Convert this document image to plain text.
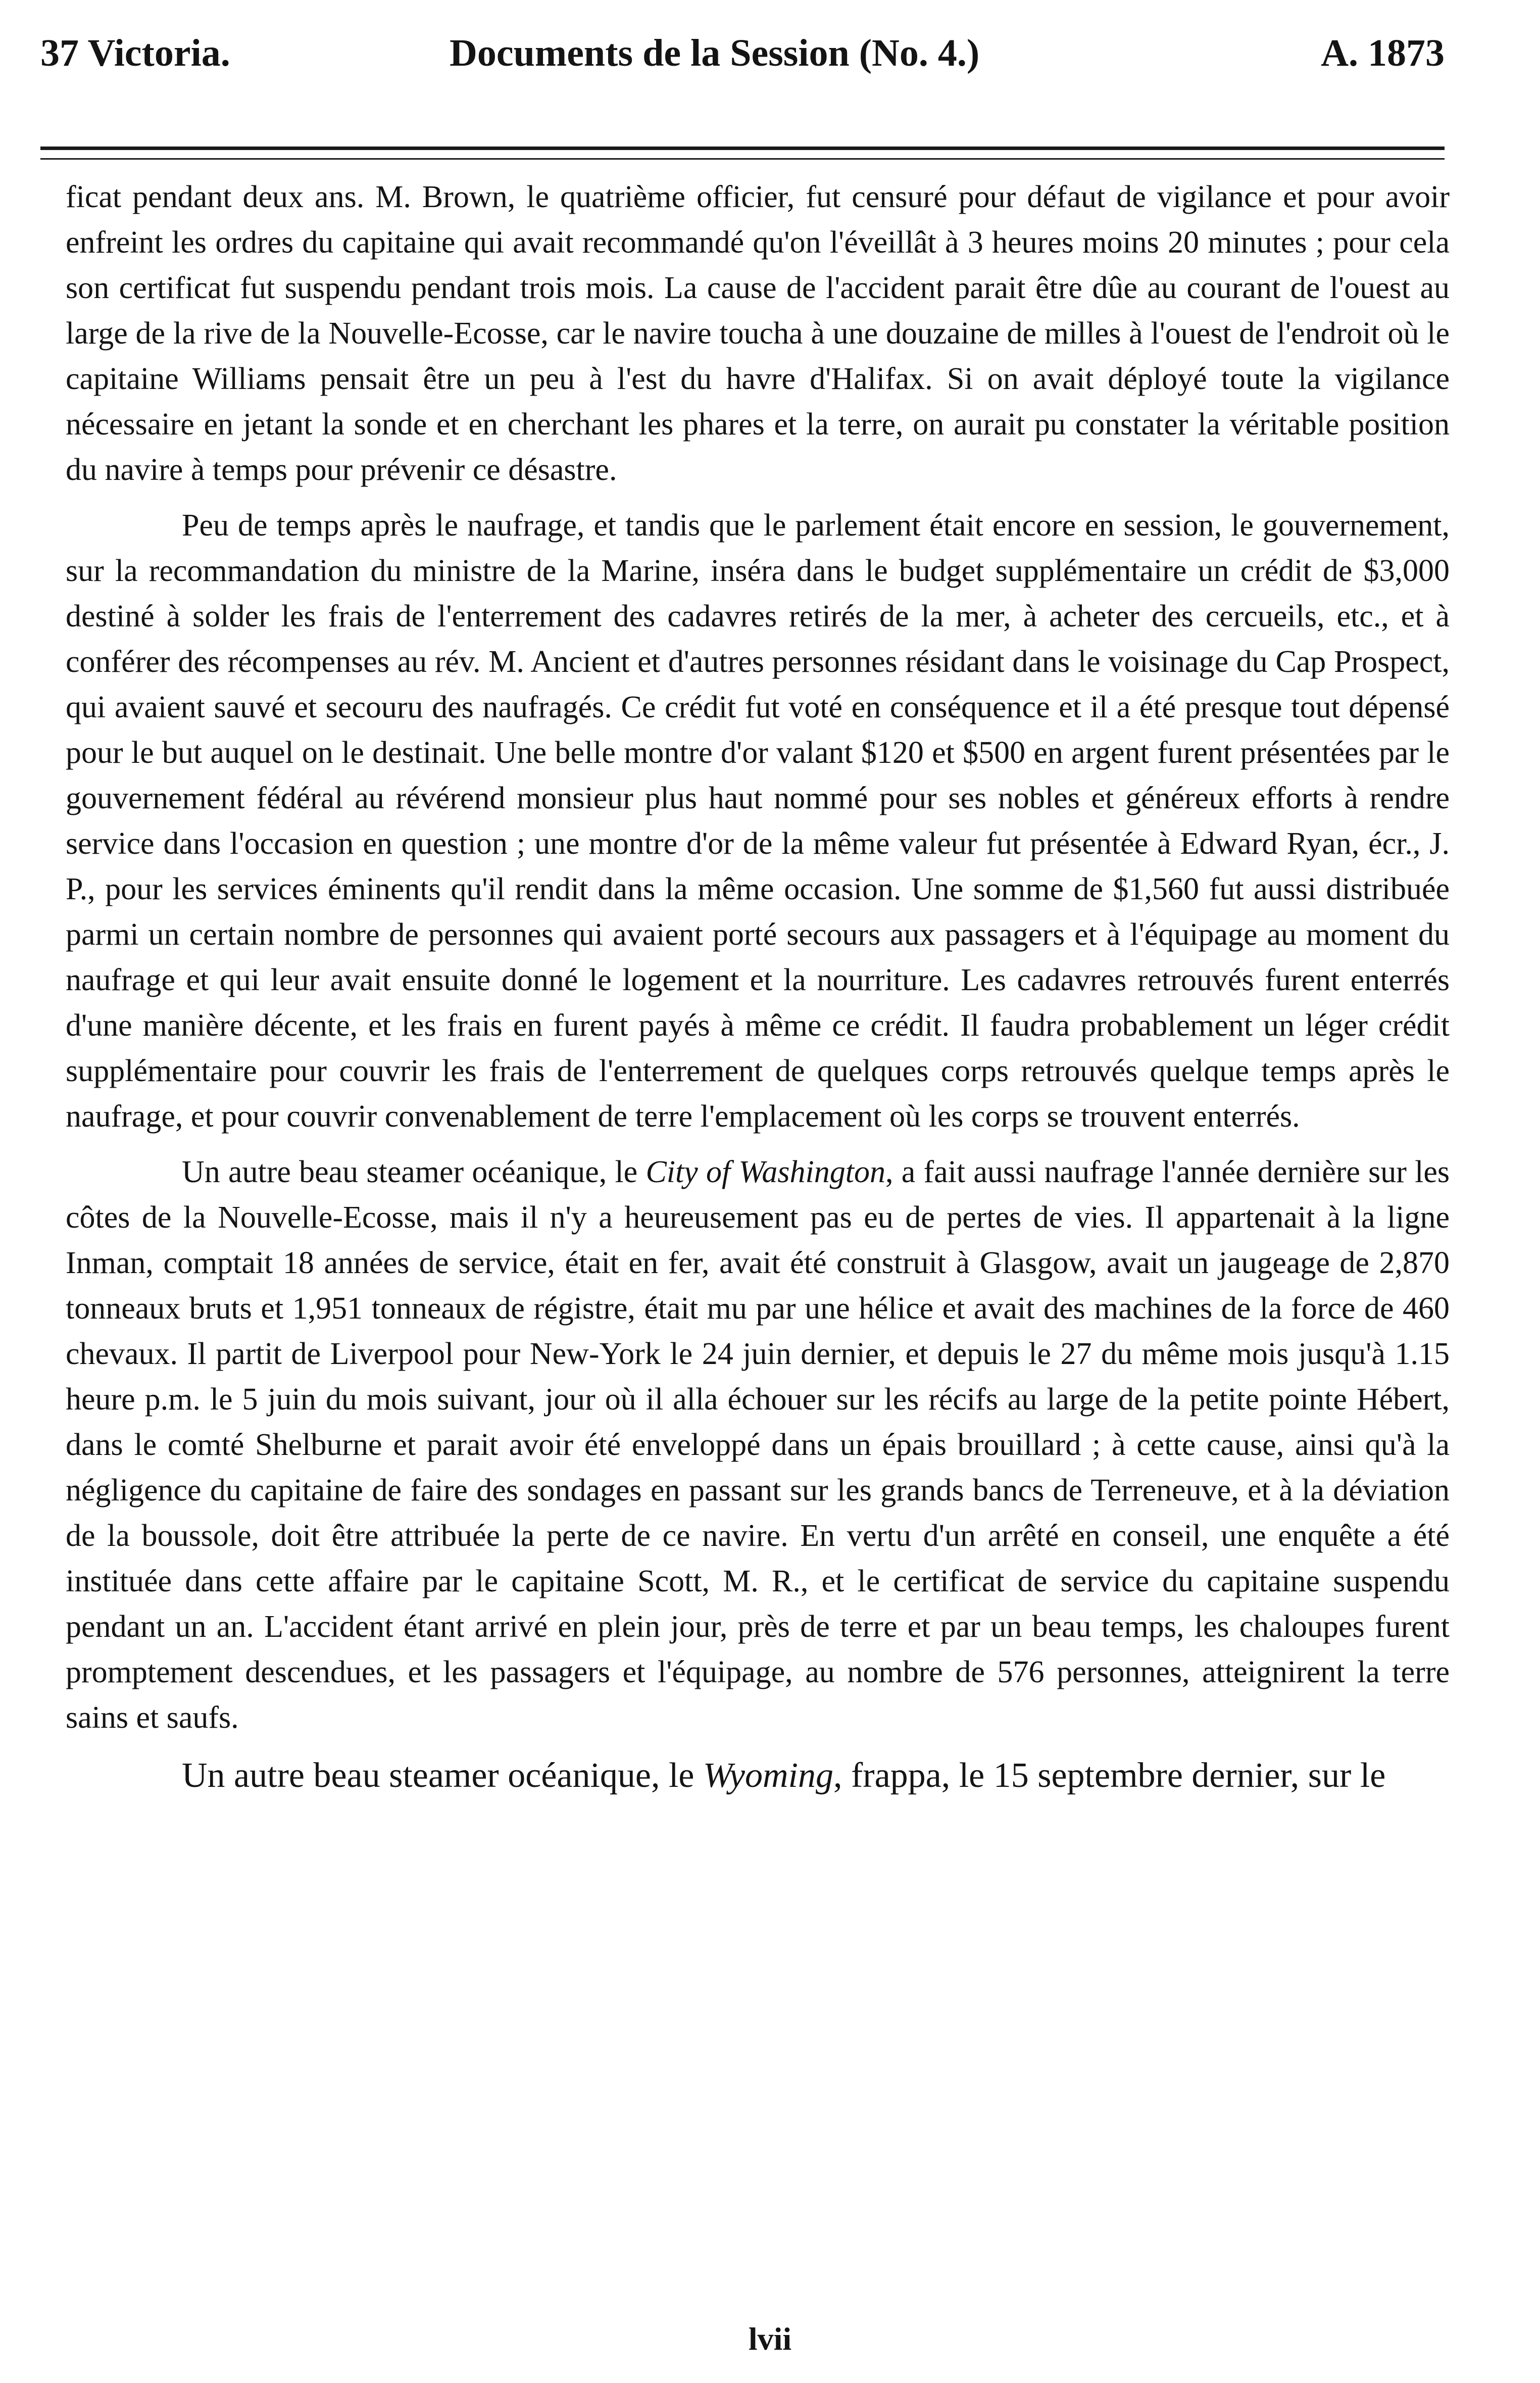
37 Victoria.	Documents de la Session (No. 4.)	A. 1873

ficat pendant deux ans. M. Brown, le quatrième officier, fut censuré pour défaut de vigilance et pour avoir enfreint les ordres du capitaine qui avait recommandé qu'on l'éveillât à 3 heures moins 20 minutes ; pour cela son certificat fut suspendu pendant trois mois. La cause de l'accident parait être dûe au courant de l'ouest au large de la rive de la Nouvelle-Ecosse, car le navire toucha à une douzaine de milles à l'ouest de l'endroit où le capitaine Williams pensait être un peu à l'est du havre d'Halifax. Si on avait déployé toute la vigilance nécessaire en jetant la sonde et en cherchant les phares et la terre, on aurait pu constater la véritable position du navire à temps pour prévenir ce désastre.

Peu de temps après le naufrage, et tandis que le parlement était encore en session, le gouvernement, sur la recommandation du ministre de la Marine, inséra dans le budget supplémentaire un crédit de $3,000 destiné à solder les frais de l'enterrement des cadavres retirés de la mer, à acheter des cercueils, etc., et à conférer des récompenses au rév. M. Ancient et d'autres personnes résidant dans le voisinage du Cap Prospect, qui avaient sauvé et secouru des naufragés. Ce crédit fut voté en conséquence et il a été presque tout dépensé pour le but auquel on le destinait. Une belle montre d'or valant $120 et $500 en argent furent présentées par le gouvernement fédéral au révérend monsieur plus haut nommé pour ses nobles et généreux efforts à rendre service dans l'occasion en question ; une montre d'or de la même valeur fut présentée à Edward Ryan, écr., J. P., pour les services éminents qu'il rendit dans la même occasion. Une somme de $1,560 fut aussi distribuée parmi un certain nombre de personnes qui avaient porté secours aux passagers et à l'équipage au moment du naufrage et qui leur avait ensuite donné le logement et la nourriture. Les cadavres retrouvés furent enterrés d'une manière décente, et les frais en furent payés à même ce crédit. Il faudra probablement un léger crédit supplémentaire pour couvrir les frais de l'enterrement de quelques corps retrouvés quelque temps après le naufrage, et pour couvrir convenablement de terre l'emplacement où les corps se trouvent enterrés.

Un autre beau steamer océanique, le City of Washington, a fait aussi naufrage l'année dernière sur les côtes de la Nouvelle-Ecosse, mais il n'y a heureusement pas eu de pertes de vies. Il appartenait à la ligne Inman, comptait 18 années de service, était en fer, avait été construit à Glasgow, avait un jaugeage de 2,870 tonneaux bruts et 1,951 tonneaux de régistre, était mu par une hélice et avait des machines de la force de 460 chevaux. Il partit de Liverpool pour New-York le 24 juin dernier, et depuis le 27 du même mois jusqu'à 1.15 heure p.m. le 5 juin du mois suivant, jour où il alla échouer sur les récifs au large de la petite pointe Hébert, dans le comté Shelburne et parait avoir été enveloppé dans un épais brouillard ; à cette cause, ainsi qu'à la négligence du capitaine de faire des sondages en passant sur les grands bancs de Terreneuve, et à la déviation de la boussole, doit être attribuée la perte de ce navire. En vertu d'un arrêté en conseil, une enquête a été instituée dans cette affaire par le capitaine Scott, M. R., et le certificat de service du capitaine suspendu pendant un an. L'accident étant arrivé en plein jour, près de terre et par un beau temps, les chaloupes furent promptement descendues, et les passagers et l'équipage, au nombre de 576 personnes, atteignirent la terre sains et saufs.

Un autre beau steamer océanique, le Wyoming, frappa, le 15 septembre dernier, sur le

lvii
